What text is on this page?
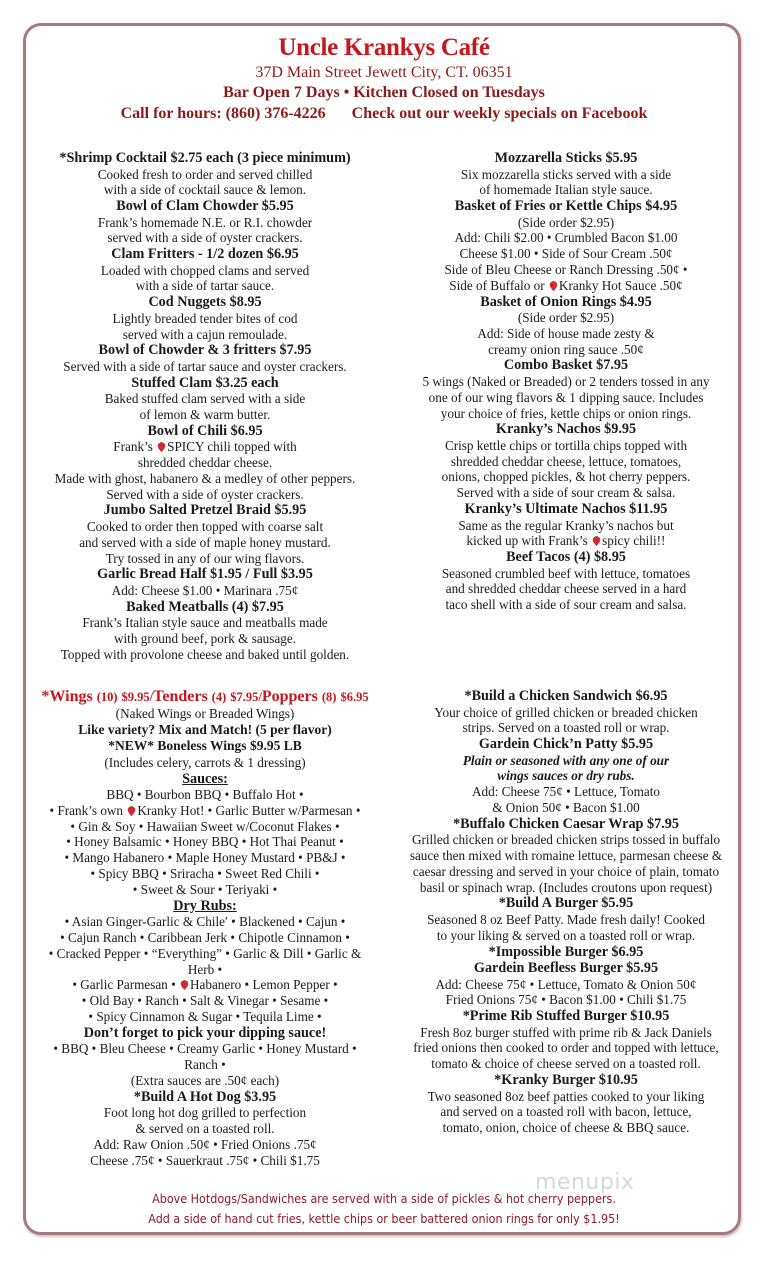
Uncle Krankys Café
37D Main Street Jewett City, CT. 06351
Bar Open 7 Days • Kitchen Closed on Tuesdays
Call for hours: (860) 376-4226 Check out our weekly specials on Facebook
*Shrimp Cocktail $2.75 each (3 piece minimum)
Cooked fresh to order and served chilled
with a side of cocktail sauce & lemon.
Bowl of Clam Chowder $5.95
Frank’s homemade N.E. or R.I. chowder
served with a side of oyster crackers.
Clam Fritters - 1/2 dozen $6.95
Loaded with chopped clams and served
with a side of tartar sauce.
Cod Nuggets $8.95
Lightly breaded tender bites of cod
served with a cajun remoulade.
Bowl of Chowder & 3 fritters $7.95
Served with a side of tartar sauce and oyster crackers.
Stuffed Clam $3.25 each
Baked stuffed clam served with a side
of lemon & warm butter.
Bowl of Chili $6.95
Frank’s SPICY chili topped with
shredded cheddar cheese.
Made with ghost, habanero & a medley of other peppers.
Served with a side of oyster crackers.
Jumbo Salted Pretzel Braid $5.95
Cooked to order then topped with coarse salt
and served with a side of maple honey mustard.
Try tossed in any of our wing flavors.
Garlic Bread Half $1.95 / Full $3.95
Add: Cheese $1.00 • Marinara .75¢
Baked Meatballs (4) $7.95
Frank’s Italian style sauce and meatballs made
with ground beef, pork & sausage.
Topped with provolone cheese and baked until golden.
Mozzarella Sticks $5.95
Six mozzarella sticks served with a side
of homemade Italian style sauce.
Basket of Fries or Kettle Chips $4.95
(Side order $2.95)
Add: Chili $2.00 • Crumbled Bacon $1.00
Cheese $1.00 • Side of Sour Cream .50¢
Side of Bleu Cheese or Ranch Dressing .50¢ •
Side of Buffalo or Kranky Hot Sauce .50¢
Basket of Onion Rings $4.95
(Side order $2.95)
Add: Side of house made zesty &
creamy onion ring sauce .50¢
Combo Basket $7.95
5 wings (Naked or Breaded) or 2 tenders tossed in any
one of our wing flavors & 1 dipping sauce. Includes
your choice of fries, kettle chips or onion rings.
Kranky’s Nachos $9.95
Crisp kettle chips or tortilla chips topped with
shredded cheddar cheese, lettuce, tomatoes,
onions, chopped pickles, & hot cherry peppers.
Served with a side of sour cream & salsa.
Kranky’s Ultimate Nachos $11.95
Same as the regular Kranky’s nachos but
kicked up with Frank’s spicy chili!!
Beef Tacos (4) $8.95
Seasoned crumbled beef with lettuce, tomatoes
and shredded cheddar cheese served in a hard
taco shell with a side of sour cream and salsa.
*Wings (10) $9.95/Tenders (4) $7.95/Poppers (8) $6.95
(Naked Wings or Breaded Wings)
Like variety? Mix and Match! (5 per flavor)
*NEW* Boneless Wings $9.95 LB
(Includes celery, carrots & 1 dressing)
Sauces:
BBQ • Bourbon BBQ • Buffalo Hot •
• Frank’s own Kranky Hot! • Garlic Butter w/Parmesan •
• Gin & Soy • Hawaiian Sweet w/Coconut Flakes •
• Honey Balsamic • Honey BBQ • Hot Thai Peanut •
• Mango Habanero • Maple Honey Mustard • PB&J •
• Spicy BBQ • Sriracha • Sweet Red Chili •
• Sweet & Sour • Teriyaki •
Dry Rubs:
• Asian Ginger-Garlic & Chile′ • Blackened • Cajun •
• Cajun Ranch • Caribbean Jerk • Chipotle Cinnamon •
• Cracked Pepper • “Everything” • Garlic & Dill • Garlic &
Herb •
• Garlic Parmesan • Habanero • Lemon Pepper •
• Old Bay • Ranch • Salt & Vinegar • Sesame •
• Spicy Cinnamon & Sugar • Tequila Lime •
Don’t forget to pick your dipping sauce!
• BBQ • Bleu Cheese • Creamy Garlic • Honey Mustard •
Ranch •
(Extra sauces are .50¢ each)
*Build A Hot Dog $3.95
Foot long hot dog grilled to perfection
& served on a toasted roll.
Add: Raw Onion .50¢ • Fried Onions .75¢
Cheese .75¢ • Sauerkraut .75¢ • Chili $1.75
*Build a Chicken Sandwich $6.95
Your choice of grilled chicken or breaded chicken
strips. Served on a toasted roll or wrap.
Gardein Chick’n Patty $5.95
Plain or seasoned with any one of our
wings sauces or dry rubs.
Add: Cheese 75¢ • Lettuce, Tomato
& Onion 50¢ • Bacon $1.00
*Buffalo Chicken Caesar Wrap $7.95
Grilled chicken or breaded chicken strips tossed in buffalo
sauce then mixed with romaine lettuce, parmesan cheese &
caesar dressing and served in your choice of plain, tomato
basil or spinach wrap. (Includes croutons upon request)
*Build A Burger $5.95
Seasoned 8 oz Beef Patty. Made fresh daily! Cooked
to your liking & served on a toasted roll or wrap.
*Impossible Burger $6.95
Gardein Beefless Burger $5.95
Add: Cheese 75¢ • Lettuce, Tomato & Onion 50¢
Fried Onions 75¢ • Bacon $1.00 • Chili $1.75
*Prime Rib Stuffed Burger $10.95
Fresh 8oz burger stuffed with prime rib & Jack Daniels
fried onions then cooked to order and topped with lettuce,
tomato & choice of cheese served on a toasted roll.
*Kranky Burger $10.95
Two seasoned 8oz beef patties cooked to your liking
and served on a toasted roll with bacon, lettuce,
tomato, onion, choice of cheese & BBQ sauce.
menupix
Above Hotdogs/Sandwiches are served with a side of pickles & hot cherry peppers.
Add a side of hand cut fries, kettle chips or beer battered onion rings for only $1.95!
